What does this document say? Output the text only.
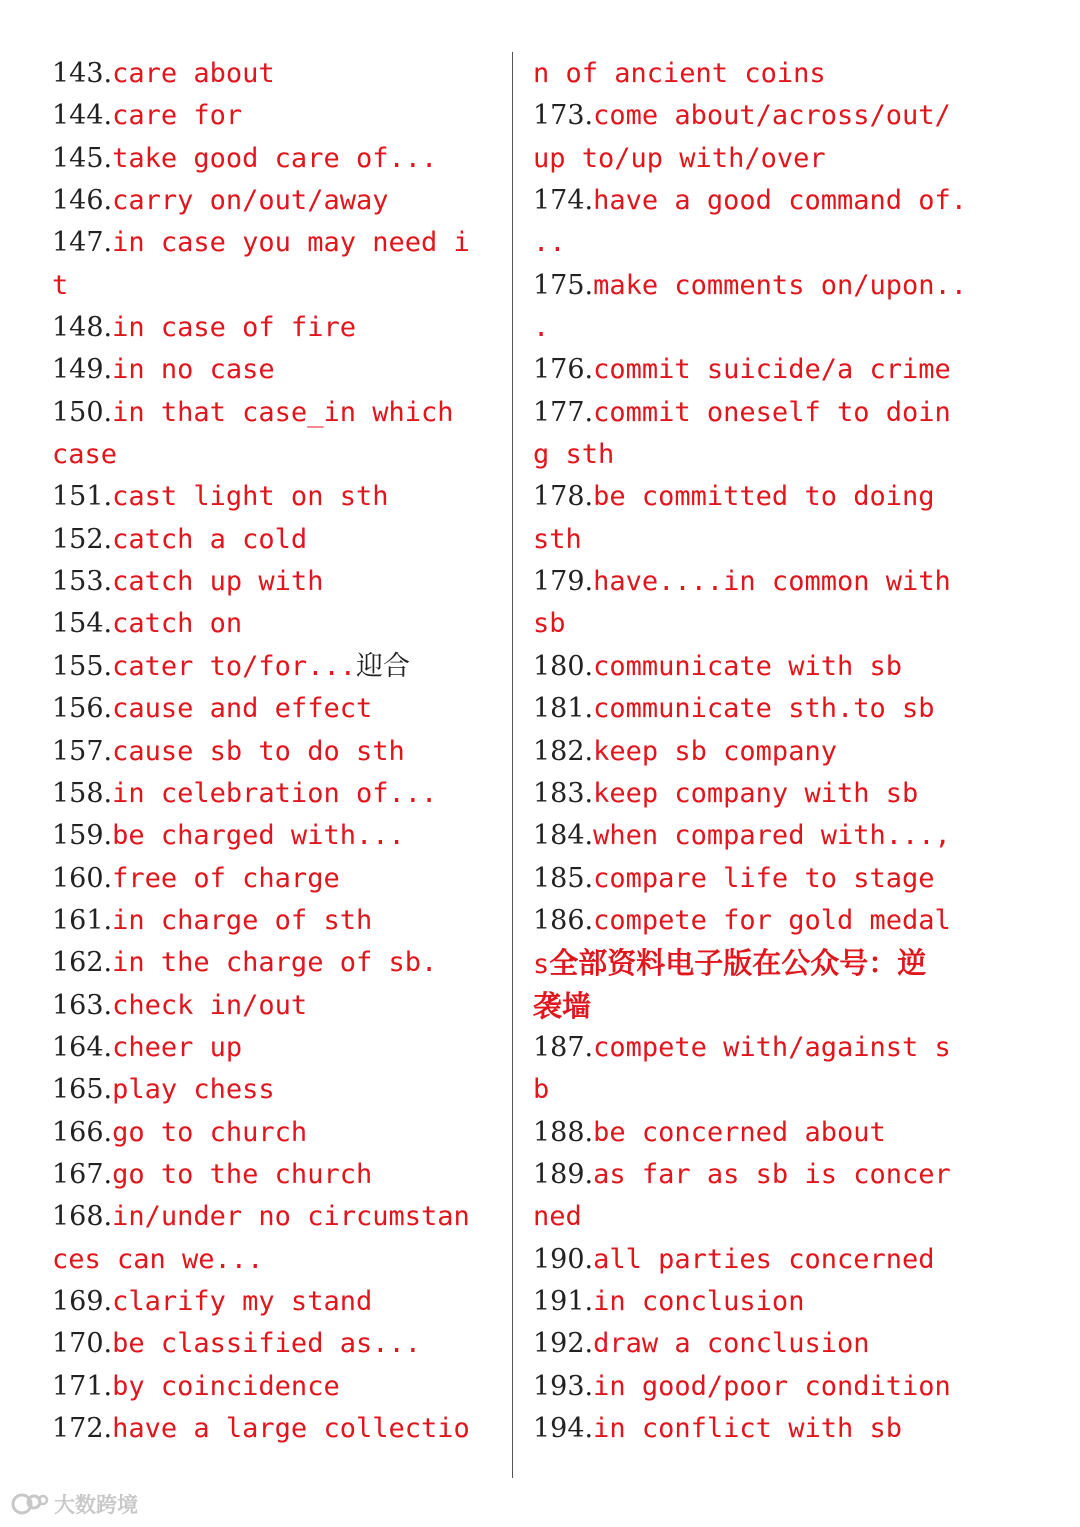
143.care about
144.care for
145.take good care of...
146.carry on/out/away
147.in case you may need i
t
148.in case of fire
149.in no case
150.in that case_in which
case
151.cast light on sth
152.catch a cold
153.catch up with
154.catch on
155.cater to/for...迎合
156.cause and effect
157.cause sb to do sth
158.in celebration of...
159.be charged with...
160.free of charge
161.in charge of sth
162.in the charge of sb.
163.check in/out
164.cheer up
165.play chess
166.go to church
167.go to the church
168.in/under no circumstan
ces can we...
169.clarify my stand
170.be classified as...
171.by coincidence
172.have a large collectio
n of ancient coins
173.come about/across/out/
up to/up with/over
174.have a good command of.
..
175.make comments on/upon..
.
176.commit suicide/a crime
177.commit oneself to doin
g sth
178.be committed to doing
sth
179.have....in common with
sb
180.communicate with sb
181.communicate sth.to sb
182.keep sb company
183.keep company with sb
184.when compared with...,
185.compare life to stage
186.compete for gold medal
s全部资料电子版在公众号：逆
袭墙
187.compete with/against s
b
188.be concerned about
189.as far as sb is concer
ned
190.all parties concerned
191.in conclusion
192.draw a conclusion
193.in good/poor condition
194.in conflict with sb
大数跨境
